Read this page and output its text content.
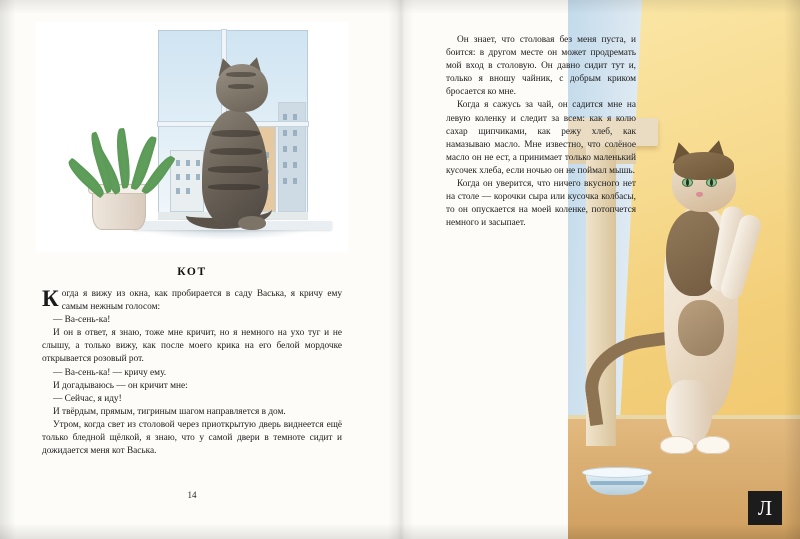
КОТ

Когда я вижу из окна, как пробирается в саду Васька, я кричу ему самым нежным голосом:

— Ва-сень-ка!

И он в ответ, я знаю, тоже мне кричит, но я немного на ухо туг и не слышу, а только вижу, как после моего крика на его белой мордочке открывается розовый рот.

— Ва-сень-ка! — кричу ему.

И догадываюсь — он кричит мне:

— Сейчас, я иду!

И твёрдым, прямым, тигриным шагом направляется в дом.

Утром, когда свет из столовой через приоткрытую дверь виднеется ещё только бледной щёлкой, я знаю, что у самой двери в темноте сидит и дожидается меня кот Васька.

14

Он знает, что столовая без меня пуста, и боится: в другом месте он может продремать мой вход в столовую. Он давно сидит тут и, только я вношу чайник, с добрым криком бросается ко мне.

Когда я сажусь за чай, он садится мне на левую коленку и следит за всем: как я колю сахар щипчиками, как режу хлеб, как намазываю масло. Мне известно, что солёное масло он не ест, а принимает только маленький кусочек хлеба, если ночью он не поймал мышь.

Когда он уверится, что ничего вкусного нет на столе — корочки сыра или кусочка колбасы, то он опускается на моей коленке, потопчется немного и засыпает.

Л
